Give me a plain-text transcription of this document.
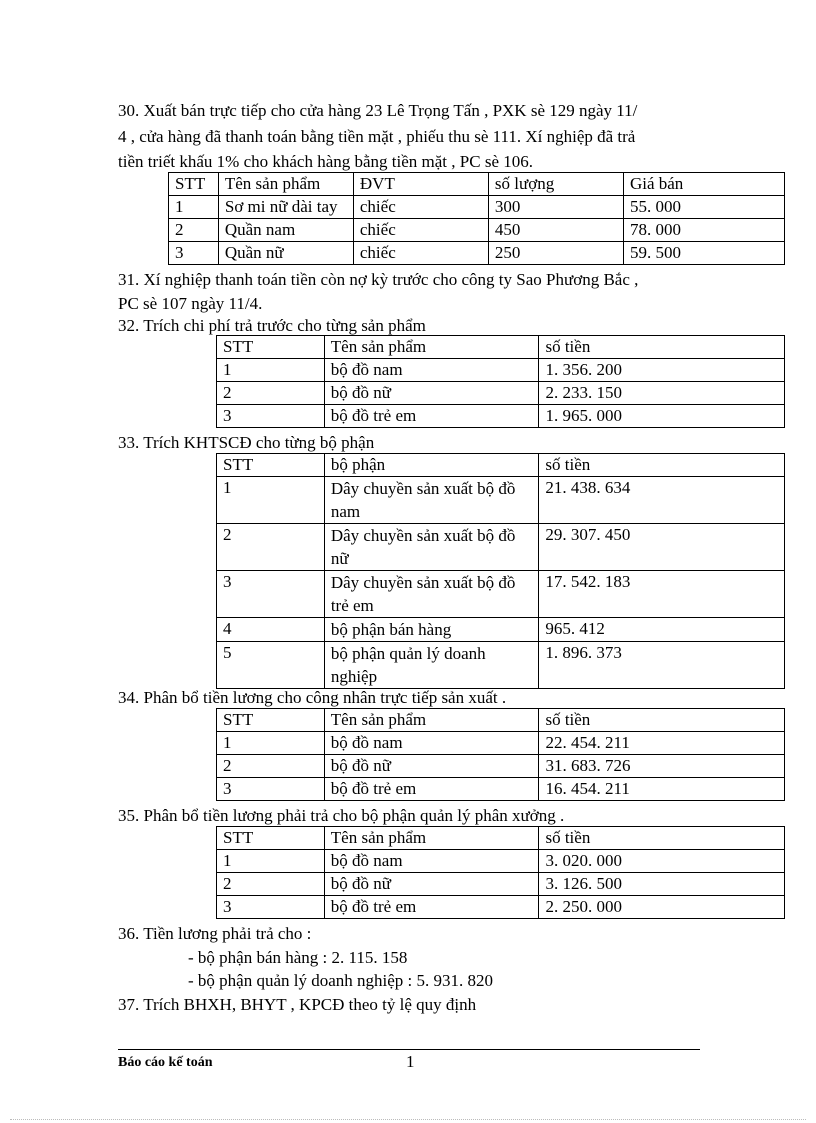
30. Xuất bán trực tiếp cho cửa hàng 23 Lê Trọng Tấn , PXK sè 129 ngày 11/
4 , cửa hàng đã thanh toán bằng tiền mặt , phiếu thu sè 111. Xí nghiệp đã trả
tiền triết khấu 1% cho khách hàng bằng tiền mặt , PC sè 106.
STT	Tên sản phẩm	ĐVT	số lượng	Giá bán
1	Sơ mi nữ dài tay	chiếc	300	55. 000
2	Quần nam	chiếc	450	78. 000
3	Quần nữ	chiếc	250	59. 500
31. Xí nghiệp thanh toán tiền còn nợ kỳ trước cho công ty Sao Phương Bắc ,
PC sè 107 ngày 11/4.
32. Trích chi phí trả trước cho từng sản phẩm
STT	Tên sản phẩm	số tiền
1	bộ đồ nam	1. 356. 200
2	bộ đồ nữ	2. 233. 150
3	bộ đồ trẻ em	1. 965. 000
33. Trích KHTSCĐ cho từng bộ phận
STT	bộ phận	số tiền
1	Dây chuyền sản xuất bộ đồ nam	21. 438. 634
2	Dây chuyền sản xuất bộ đồ nữ	29. 307. 450
3	Dây chuyền sản xuất bộ đồ trẻ em	17. 542. 183
4	bộ phận bán hàng	965. 412
5	bộ phận quản lý doanh nghiệp	1. 896. 373
34. Phân bổ tiền lương cho công nhân trực tiếp sản xuất .
STT	Tên sản phẩm	số tiền
1	bộ đồ nam	22. 454. 211
2	bộ đồ nữ	31. 683. 726
3	bộ đồ trẻ em	16. 454. 211
35. Phân bổ tiền lương phải trả cho bộ phận quản lý phân xưởng .
STT	Tên sản phẩm	số tiền
1	bộ đồ nam	3. 020. 000
2	bộ đồ nữ	3. 126. 500
3	bộ đồ trẻ em	2. 250. 000
36. Tiền lương phải trả cho :
- bộ phận bán hàng : 2. 115. 158
- bộ phận quản lý doanh nghiệp : 5. 931. 820
37. Trích BHXH, BHYT , KPCĐ theo tỷ lệ quy định
Báo cáo kế toán	1
